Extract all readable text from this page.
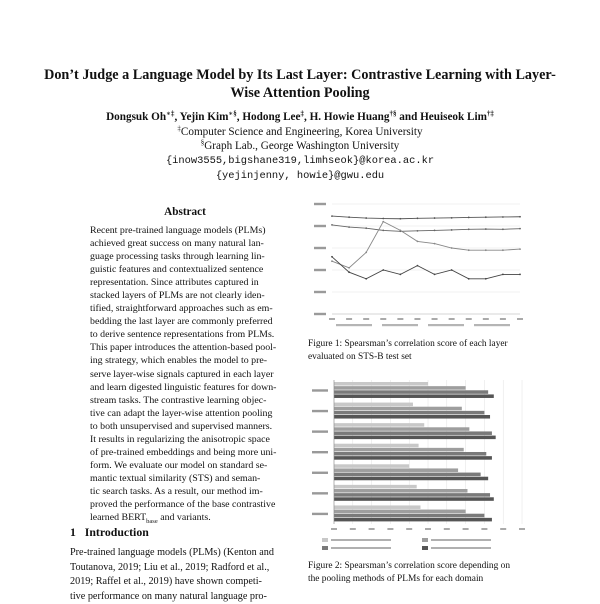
Don’t Judge a Language Model by Its Last Layer: Contrastive Learning with Layer-Wise Attention Pooling
Dongsuk Oh∗‡, Yejin Kim∗§, Hodong Lee‡, H. Howie Huang†§ and Heuiseok Lim†‡
‡Computer Science and Engineering, Korea University
§Graph Lab., George Washington University
{inow3555,bigshane319,limhseok}@korea.ac.kr
{yejinjenny, howie}@gwu.edu
Abstract
Recent pre-trained language models (PLMs)
achieved great success on many natural lan-
guage processing tasks through learning lin-
guistic features and contextualized sentence
representation. Since attributes captured in
stacked layers of PLMs are not clearly iden-
tified, straightforward approaches such as em-
bedding the last layer are commonly preferred
to derive sentence representations from PLMs.
This paper introduces the attention-based pool-
ing strategy, which enables the model to pre-
serve layer-wise signals captured in each layer
and learn digested linguistic features for down-
stream tasks. The contrastive learning objec-
tive can adapt the layer-wise attention pooling
to both unsupervised and supervised manners.
It results in regularizing the anisotropic space
of pre-trained embeddings and being more uni-
form. We evaluate our model on standard se-
mantic textual similarity (STS) and seman-
tic search tasks. As a result, our method im-
proved the performance of the base contrastive
learned $BERT_{base}$ and variants.
1 Introduction
Pre-trained language models (PLMs) (Kenton and
Toutanova, 2019; Liu et al., 2019; Radford et al.,
2019; Raffel et al., 2019) have shown competi-
tive performance on many natural language pro-
Figure 1: Spearsman’s correlation score of each layer
evaluated on STS-B test set
Figure 2: Spearsman’s correlation score depending on
the pooling methods of PLMs for each domain
